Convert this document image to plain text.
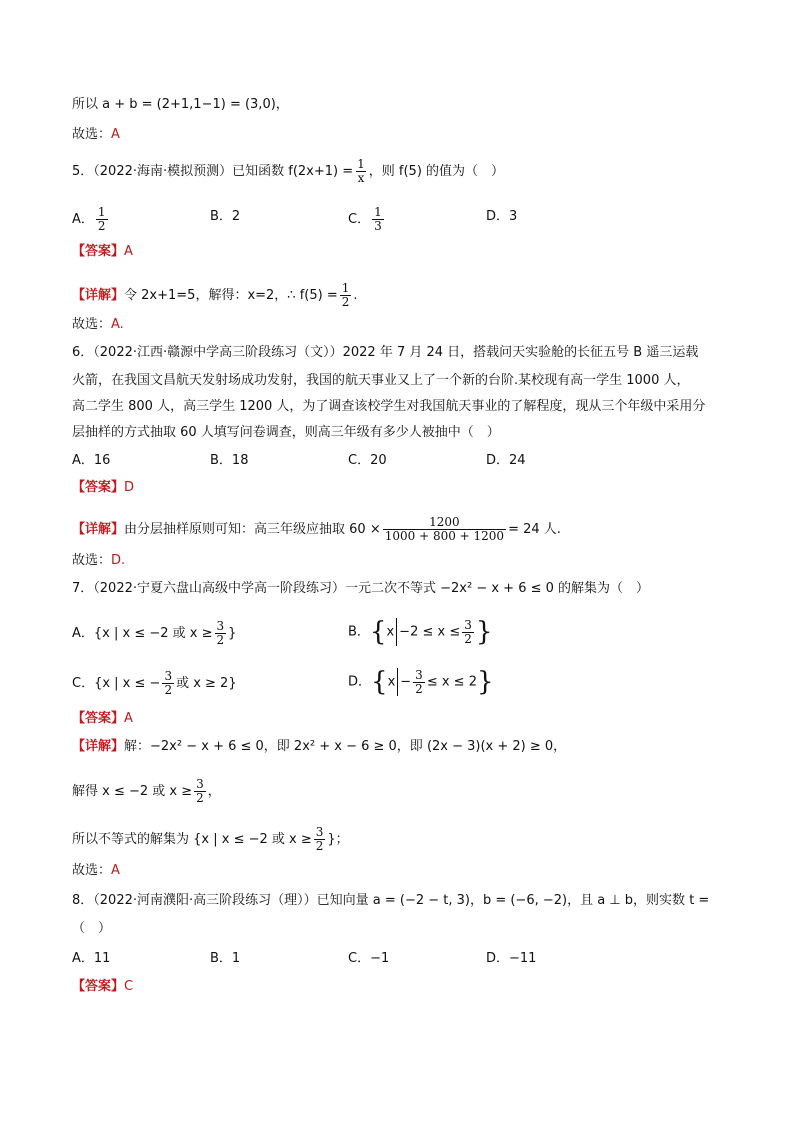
所以 a + b = (2+1,1−1) = (3,0)，
故选：A
5．（2022·海南·模拟预测）已知函数 $f(2x+1) = \frac{1}{x}$ ，则 f(5) 的值为（　）
A． $\frac{1}{2}$	B．2	C． $\frac{1}{3}$	D．3
【答案】A
【详解】令 2x+1=5，解得：x=2，∴ $f(5) = \frac{1}{2}$ .
故选：A.
6．（2022·江西·赣源中学高三阶段练习（文））2022 年 7 月 24 日，搭载问天实验舱的长征五号 B 遥三运载
火箭，在我国文昌航天发射场成功发射，我国的航天事业又上了一个新的台阶.某校现有高一学生 1000 人，
高二学生 800 人，高三学生 1200 人，为了调查该校学生对我国航天事业的了解程度，现从三个年级中采用分
层抽样的方式抽取 60 人填写问卷调查，则高三年级有多少人被抽中（　）
A．16	B．18	C．20	D．24
【答案】D
【详解】由分层抽样原则可知：高三年级应抽取 $60 \times \frac{1200}{1000 + 800 + 1200} = 24$ 人.
故选：D.
7．（2022·宁夏六盘山高级中学高一阶段练习）一元二次不等式 −2x² − x + 6 ≤ 0 的解集为（　）
A．{x | x ≤ −2 或 $x \ge \frac{3}{2}$ }	B．{$x -2 \le x \le \frac{3}{2}$ }
C．{x | x ≤ − $\frac{3}{2}$ 或 x ≥ 2}	D．$\{x - \frac{3}{2} \le x \le 2\}$
【答案】A
【详解】解：−2x² − x + 6 ≤ 0，即 2x² + x − 6 ≥ 0，即 (2x − 3)(x + 2) ≥ 0，
解得 x ≤ −2 或 $x \ge \frac{3}{2}$ ，
所以不等式的解集为 {x | x ≤ −2 或 $x \ge \frac{3}{2}$ }；
故选：A
8．（2022·河南濮阳·高三阶段练习（理））已知向量 a = (−2 − t, 3)，b = (−6, −2)，且 a ⊥ b，则实数 t =
（　）
A．11	B．1	C．−1	D．−11
【答案】C
